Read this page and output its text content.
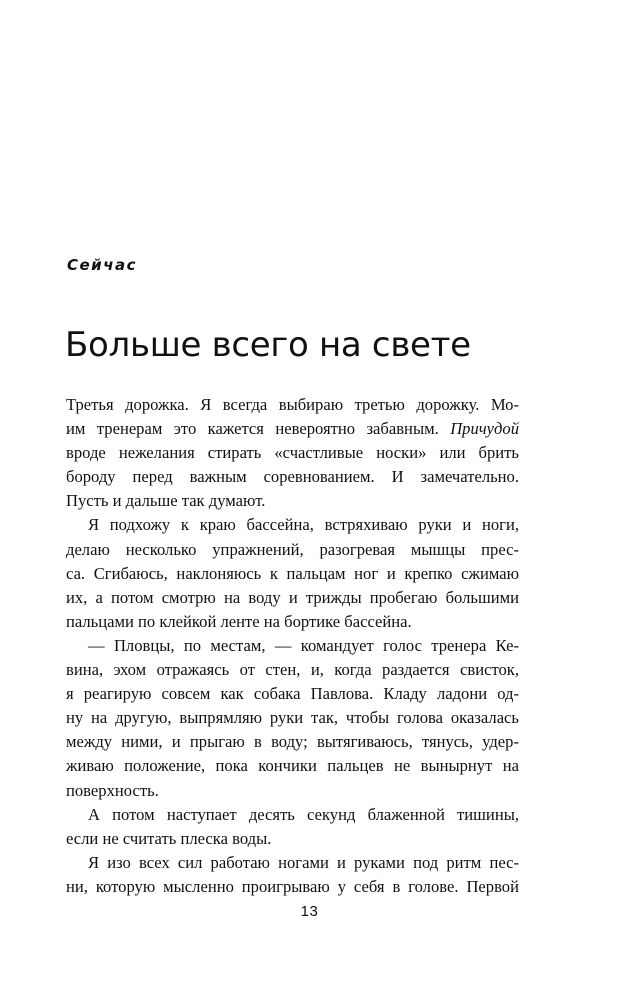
Сейчас
Больше всего на свете
Третья дорожка. Я всегда выбираю третью дорожку. Мо-
им тренерам это кажется невероятно забавным. Причудой
вроде нежелания стирать «счастливые носки» или брить
бороду перед важным соревнованием. И замечательно.
Пусть и дальше так думают.
Я подхожу к краю бассейна, встряхиваю руки и ноги,
делаю несколько упражнений, разогревая мышцы прес-
са. Сгибаюсь, наклоняюсь к пальцам ног и крепко сжимаю
их, а потом смотрю на воду и трижды пробегаю большими
пальцами по клейкой ленте на бортике бассейна.
— Пловцы, по местам, — командует голос тренера Ке-
вина, эхом отражаясь от стен, и, когда раздается свисток,
я реагирую совсем как собака Павлова. Кладу ладони од-
ну на другую, выпрямляю руки так, чтобы голова оказалась
между ними, и прыгаю в воду; вытягиваюсь, тянусь, удер-
живаю положение, пока кончики пальцев не вынырнут на
поверхность.
А потом наступает десять секунд блаженной тишины,
если не считать плеска воды.
Я изо всех сил работаю ногами и руками под ритм пес-
ни, которую мысленно проигрываю у себя в голове. Первой

13
